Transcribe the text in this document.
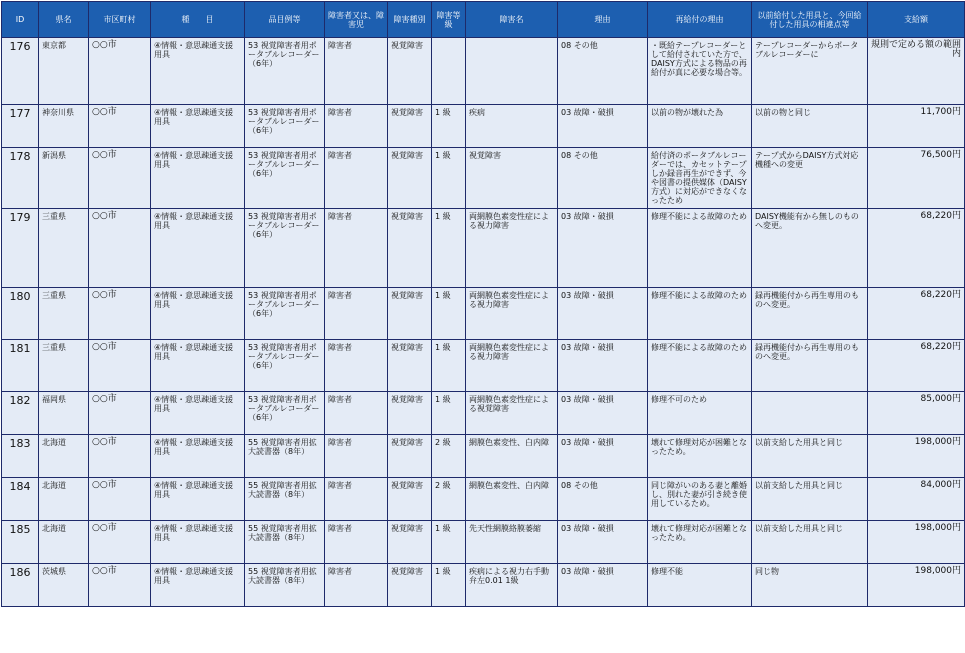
ID	県名	市区町村	種　　目	品目例等	障害者又は、障害児	障害種別	障害等級	障害名	理由	再給付の理由	以前給付した用具と、今回給付した用具の相違点等	支給額
176	東京都	○○市	④情報・意思疎通支援用具	53 視覚障害者用ポータブルレコーダー（6年）	障害者	視覚障害			08 その他	・既給テープレコーダーとして給付されていた方で、DAISY方式による物品の再給付が真に必要な場合等。	テープレコーダーからポータブルレコーダーに	規則で定める額の範囲内
177	神奈川県	○○市	④情報・意思疎通支援用具	53 視覚障害者用ポータブルレコーダー（6年）	障害者	視覚障害	1 級	疾病	03 故障・破損	以前の物が壊れた為	以前の物と同じ	11,700円
178	新潟県	○○市	④情報・意思疎通支援用具	53 視覚障害者用ポータブルレコーダー（6年）	障害者	視覚障害	1 級	視覚障害	08 その他	給付済のポータブルレコーダーでは、カセットテープしか録音再生ができず、今や図書の提供媒体（DAISY方式）に対応ができなくなったため	テープ式からDAISY方式対応機種への変更	76,500円
179	三重県	○○市	④情報・意思疎通支援用具	53 視覚障害者用ポータブルレコーダー（6年）	障害者	視覚障害	1 級	両網膜色素変性症による視力障害	03 故障・破損	修理不能による故障のため	DAISY機能有から無しのものへ変更。	68,220円
180	三重県	○○市	④情報・意思疎通支援用具	53 視覚障害者用ポータブルレコーダー（6年）	障害者	視覚障害	1 級	両網膜色素変性症による視力障害	03 故障・破損	修理不能による故障のため	録再機能付から再生専用のものへ変更。	68,220円
181	三重県	○○市	④情報・意思疎通支援用具	53 視覚障害者用ポータブルレコーダー（6年）	障害者	視覚障害	1 級	両網膜色素変性症による視力障害	03 故障・破損	修理不能による故障のため	録再機能付から再生専用のものへ変更。	68,220円
182	福岡県	○○市	④情報・意思疎通支援用具	53 視覚障害者用ポータブルレコーダー（6年）	障害者	視覚障害	1 級	両網膜色素変性症による視覚障害	03 故障・破損	修理不可のため		85,000円
183	北海道	○○市	④情報・意思疎通支援用具	55 視覚障害者用拡大読書器（8年）	障害者	視覚障害	2 級	網膜色素変性、白内障	03 故障・破損	壊れて修理対応が困難となったため。	以前支給した用具と同じ	198,000円
184	北海道	○○市	④情報・意思疎通支援用具	55 視覚障害者用拡大読書器（8年）	障害者	視覚障害	2 級	網膜色素変性、白内障	08 その他	同じ障がいのある妻と離婚し、別れた妻が引き続き使用しているため。	以前支給した用具と同じ	84,000円
185	北海道	○○市	④情報・意思疎通支援用具	55 視覚障害者用拡大読書器（8年）	障害者	視覚障害	1 級	先天性網膜絡膜萎縮	03 故障・破損	壊れて修理対応が困難となったため。	以前支給した用具と同じ	198,000円
186	茨城県	○○市	④情報・意思疎通支援用具	55 視覚障害者用拡大読書器（8年）	障害者	視覚障害	1 級	疾病による視力右手動弁左0.01 1級	03 故障・破損	修理不能	同じ物	198,000円
